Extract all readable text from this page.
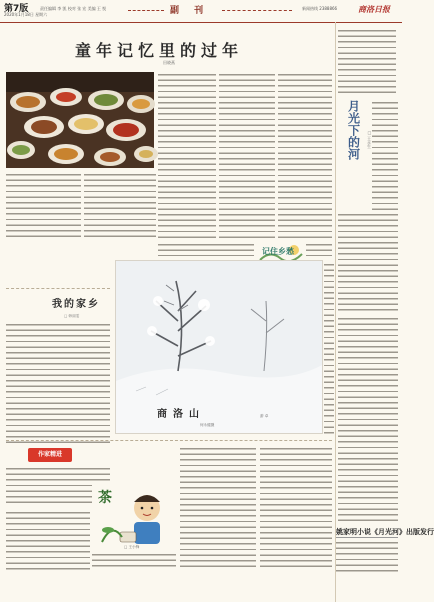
第7版
2020年1月18日 星期六
责任编辑 李 凯 校对 张 宏 美编 王 悦	副 刊	新闻热线 2388866	商洛日报
童年记忆里的过年
田晓燕
记住乡愁
月光下的河	□ 王永生
我的家乡
□ 韩丽雯
作家精进
商洛山
何永健摄
游 卓
茶
□ 王小锋
姚家明小说《月光河》出版发行
